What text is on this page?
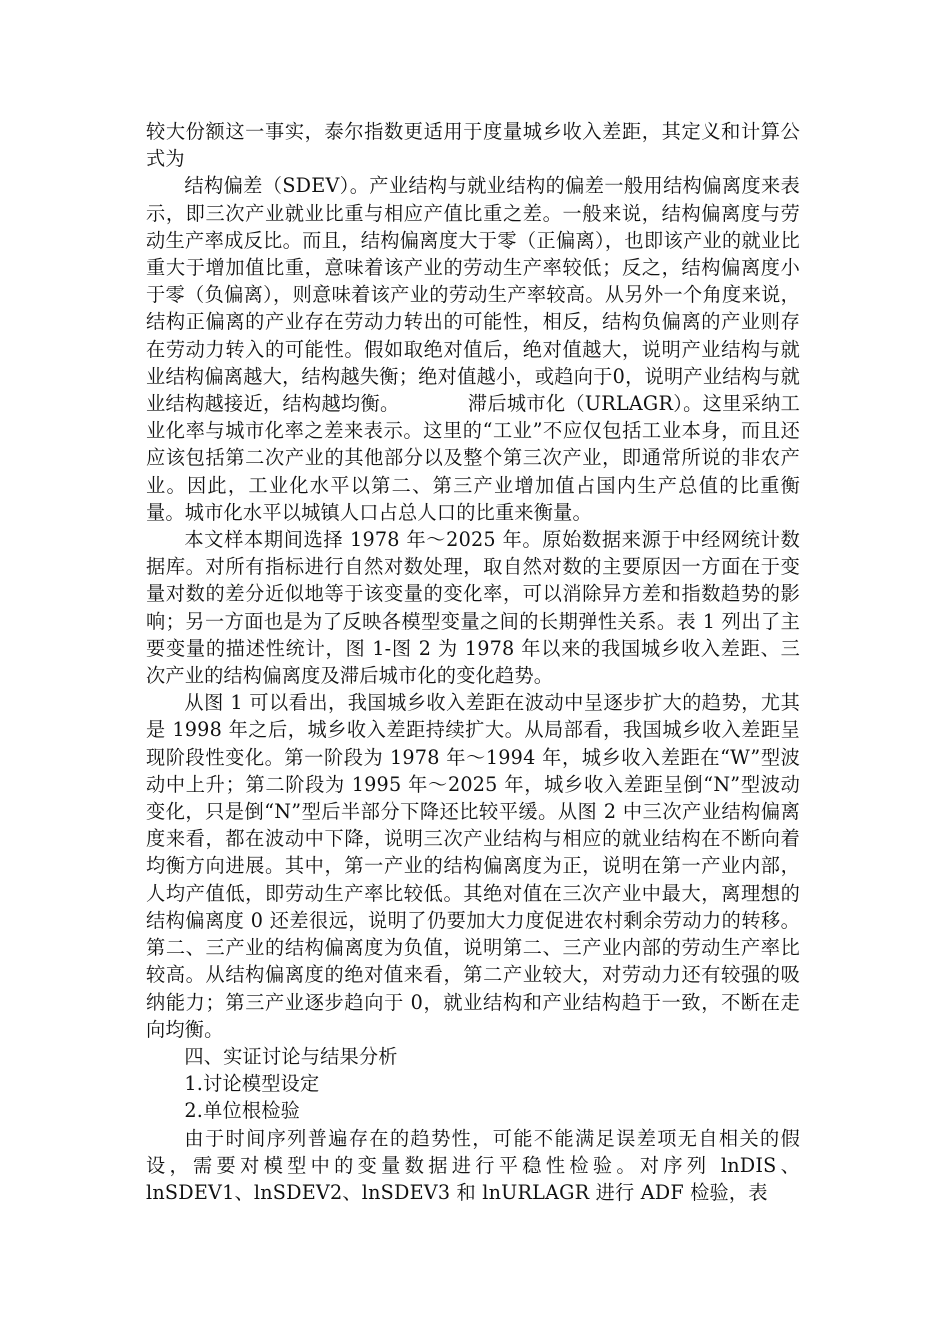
较大份额这一事实，泰尔指数更适用于度量城乡收入差距，其定义和计算公式为

结构偏差（SDEV）。产业结构与就业结构的偏差一般用结构偏离度来表示，即三次产业就业比重与相应产值比重之差。一般来说，结构偏离度与劳动生产率成反比。而且，结构偏离度大于零（正偏离），也即该产业的就业比重大于增加值比重，意味着该产业的劳动生产率较低；反之，结构偏离度小于零（负偏离），则意味着该产业的劳动生产率较高。从另外一个角度来说，结构正偏离的产业存在劳动力转出的可能性，相反，结构负偏离的产业则存在劳动力转入的可能性。假如取绝对值后，绝对值越大，说明产业结构与就业结构偏离越大，结构越失衡；绝对值越小，或趋向于0，说明产业结构与就业结构越接近，结构越均衡。　　　　滞后城市化（URLAGR）。这里采纳工业化率与城市化率之差来表示。这里的“工业”不应仅包括工业本身，而且还应该包括第二次产业的其他部分以及整个第三次产业，即通常所说的非农产业。因此，工业化水平以第二、第三产业增加值占国内生产总值的比重衡量。城市化水平以城镇人口占总人口的比重来衡量。

本文样本期间选择 1978 年～2025 年。原始数据来源于中经网统计数据库。对所有指标进行自然对数处理，取自然对数的主要原因一方面在于变量对数的差分近似地等于该变量的变化率，可以消除异方差和指数趋势的影响；另一方面也是为了反映各模型变量之间的长期弹性关系。表 1 列出了主要变量的描述性统计，图 1-图 2 为 1978 年以来的我国城乡收入差距、三次产业的结构偏离度及滞后城市化的变化趋势。

从图 1 可以看出，我国城乡收入差距在波动中呈逐步扩大的趋势，尤其是 1998 年之后，城乡收入差距持续扩大。从局部看，我国城乡收入差距呈现阶段性变化。第一阶段为 1978 年～1994 年，城乡收入差距在“W”型波动中上升；第二阶段为 1995 年～2025 年，城乡收入差距呈倒“N”型波动变化，只是倒“N”型后半部分下降还比较平缓。从图 2 中三次产业结构偏离度来看，都在波动中下降，说明三次产业结构与相应的就业结构在不断向着均衡方向进展。其中，第一产业的结构偏离度为正，说明在第一产业内部，人均产值低，即劳动生产率比较低。其绝对值在三次产业中最大，离理想的结构偏离度 0 还差很远，说明了仍要加大力度促进农村剩余劳动力的转移。第二、三产业的结构偏离度为负值，说明第二、三产业内部的劳动生产率比较高。从结构偏离度的绝对值来看，第二产业较大，对劳动力还有较强的吸纳能力；第三产业逐步趋向于 0，就业结构和产业结构趋于一致，不断在走向均衡。

四、实证讨论与结果分析

1.讨论模型设定

2.单位根检验

由于时间序列普遍存在的趋势性，可能不能满足误差项无自相关的假设，需要对模型中的变量数据进行平稳性检验。对序列 lnDIS、lnSDEV1、lnSDEV2、lnSDEV3 和 lnURLAGR 进行 ADF 检验，表
